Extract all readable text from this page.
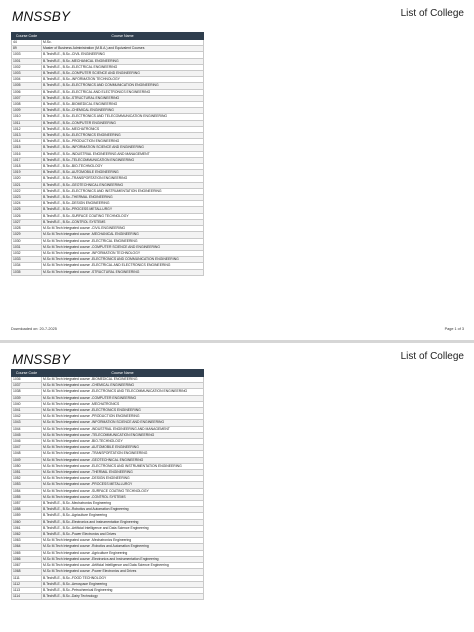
MNSSBY	List of College
Course Code	Course Name
44	M.Sc.
89	Master of Business Administration (M.B.A.) and Equivalent Courses
1003	B.Tech/B.E., B.Sc.-CIVIL ENGINEERING
1001	B.Tech/B.E., B.Sc.-MECHANICAL ENGINEERING
1002	B.Tech/B.E., B.Sc.-ELECTRICAL ENGINEERING
1003	B.Tech/B.E., B.Sc.-COMPUTER SCIENCE AND ENGINEERING
1004	B.Tech/B.E., B.Sc.-INFORMATION TECHNOLOGY
1005	B.Tech/B.E., B.Sc.-ELECTRONICS AND COMMUNICATION ENGINEERING
1006	B.Tech/B.E., B.Sc.-ELECTRICAL AND ELECTRONICS ENGINEERING
1007	B.Tech/B.E., B.Sc.-STRUCTURAL ENGINEERING
1008	B.Tech/B.E., B.Sc.-BIOMEDICAL ENGINEERING
1009	B.Tech/B.E., B.Sc.-CHEMICAL ENGINEERING
1010	B.Tech/B.E., B.Sc.-ELECTRONICS AND TELECOMMUNICATION ENGINEERING
1011	B.Tech/B.E., B.Sc.-COMPUTER ENGINEERING
1012	B.Tech/B.E., B.Sc.-MECHATRONICS
1013	B.Tech/B.E., B.Sc.-ELECTRONICS ENGINEERING
1014	B.Tech/B.E., B.Sc.-PRODUCTION ENGINEERING
1015	B.Tech/B.E., B.Sc.-INFORMATION SCIENCE AND ENGINEERING
1016	B.Tech/B.E., B.Sc.-INDUSTRIAL ENGINEERING AND MANAGEMENT
1017	B.Tech/B.E., B.Sc.-TELECOMMUNICATION ENGINEERING
1018	B.Tech/B.E., B.Sc.-BIO-TECHNOLOGY
1019	B.Tech/B.E., B.Sc.-AUTOMOBILE ENGINEERING
1020	B.Tech/B.E., B.Sc.-TRANSPORTATION ENGINEERING
1021	B.Tech/B.E., B.Sc.-GEOTECHNICAL ENGINEERING
1022	B.Tech/B.E., B.Sc.-ELECTRONICS AND INSTRUMENTATION ENGINEERING
1023	B.Tech/B.E., B.Sc.-THERMAL ENGINEERING
1024	B.Tech/B.E., B.Sc.-DESIGN ENGINEERING
1025	B.Tech/B.E., B.Sc.-PROCESS METALLURGY
1026	B.Tech/B.E., B.Sc.-SURFACE COATING TECHNOLOGY
1027	B.Tech/B.E., B.Sc.-CONTROL SYSTEMS
1028	M.Sc M.Tech Integrated course -CIVIL ENGINEERING
1029	M.Sc M.Tech Integrated course -MECHANICAL ENGINEERING
1030	M.Sc M.Tech Integrated course -ELECTRICAL ENGINEERING
1031	M.Sc M.Tech Integrated course -COMPUTER SCIENCE AND ENGINEERING
1032	M.Sc M.Tech Integrated course -INFORMATION TECHNOLOGY
1033	M.Sc M.Tech Integrated course -ELECTRONICS AND COMMUNICATION ENGINEERING
1034	M.Sc M.Tech Integrated course -ELECTRICAL AND ELECTRONICS ENGINEERING
1035	M.Sc M.Tech Integrated course -STRUCTURAL ENGINEERING
Downloaded on: 20-7-2025	Page 1 of 3
MNSSBY	List of College
Course Code	Course Name
1036	M.Sc M.Tech Integrated course -BIOMEDICAL ENGINEERING
1037	M.Sc M.Tech Integrated course -CHEMICAL ENGINEERING
1038	M.Sc M.Tech Integrated course -ELECTRONICS AND TELECOMMUNICATION ENGINEERING
1039	M.Sc M.Tech Integrated course -COMPUTER ENGINEERING
1040	M.Sc M.Tech Integrated course -MECHATRONICS
1041	M.Sc M.Tech Integrated course -ELECTRONICS ENGINEERING
1042	M.Sc M.Tech Integrated course -PRODUCTION ENGINEERING
1043	M.Sc M.Tech Integrated course -INFORMATION SCIENCE AND ENGINEERING
1044	M.Sc M.Tech Integrated course -INDUSTRIAL ENGINEERING AND MANAGEMENT
1045	M.Sc M.Tech Integrated course -TELECOMMUNICATION ENGINEERING
1046	M.Sc M.Tech Integrated course -BIO-TECHNOLOGY
1047	M.Sc M.Tech Integrated course -AUTOMOBILE ENGINEERING
1048	M.Sc M.Tech Integrated course -TRANSPORTATION ENGINEERING
1049	M.Sc M.Tech Integrated course -GEOTECHNICAL ENGINEERING
1050	M.Sc M.Tech Integrated course -ELECTRONICS AND INSTRUMENTATION ENGINEERING
1051	M.Sc M.Tech Integrated course -THERMAL ENGINEERING
1052	M.Sc M.Tech Integrated course -DESIGN ENGINEERING
1053	M.Sc M.Tech Integrated course -PROCESS METALLURGY
1054	M.Sc M.Tech Integrated course -SURFACE COATING TECHNOLOGY
1055	M.Sc M.Tech Integrated course -CONTROL SYSTEMS
1057	B.Tech/B.E., B.Sc.-Mechatronics Engineering
1058	B.Tech/B.E., B.Sc.-Robotics and Automation Engineering
1059	B.Tech/B.E., B.Sc.-Agriculture Engineering
1060	B.Tech/B.E., B.Sc.-Electronics and Instrumentation Engineering
1061	B.Tech/B.E., B.Sc.-Artificial Intelligence and Data Science Engineering
1062	B.Tech/B.E., B.Sc.-Power Electronics and Drives
1063	M.Sc M.Tech Integrated course -Mechatronics Engineering
1064	M.Sc M.Tech Integrated course -Robotics and Automation Engineering
1065	M.Sc M.Tech Integrated course -Agriculture Engineering
1066	M.Sc M.Tech Integrated course -Electronics and Instrumentation Engineering
1067	M.Sc M.Tech Integrated course -Artificial Intelligence and Data Science Engineering
1068	M.Sc M.Tech Integrated course -Power Electronics and Drives
1111	B.Tech/B.E., B.Sc.-FOOD TECHNOLOGY
1112	B.Tech/B.E., B.Sc.-Aerospace Engineering
1113	B.Tech/B.E., B.Sc.-Petrochemical Engineering
1114	B.Tech/B.E., B.Sc.-Dairy Technology
